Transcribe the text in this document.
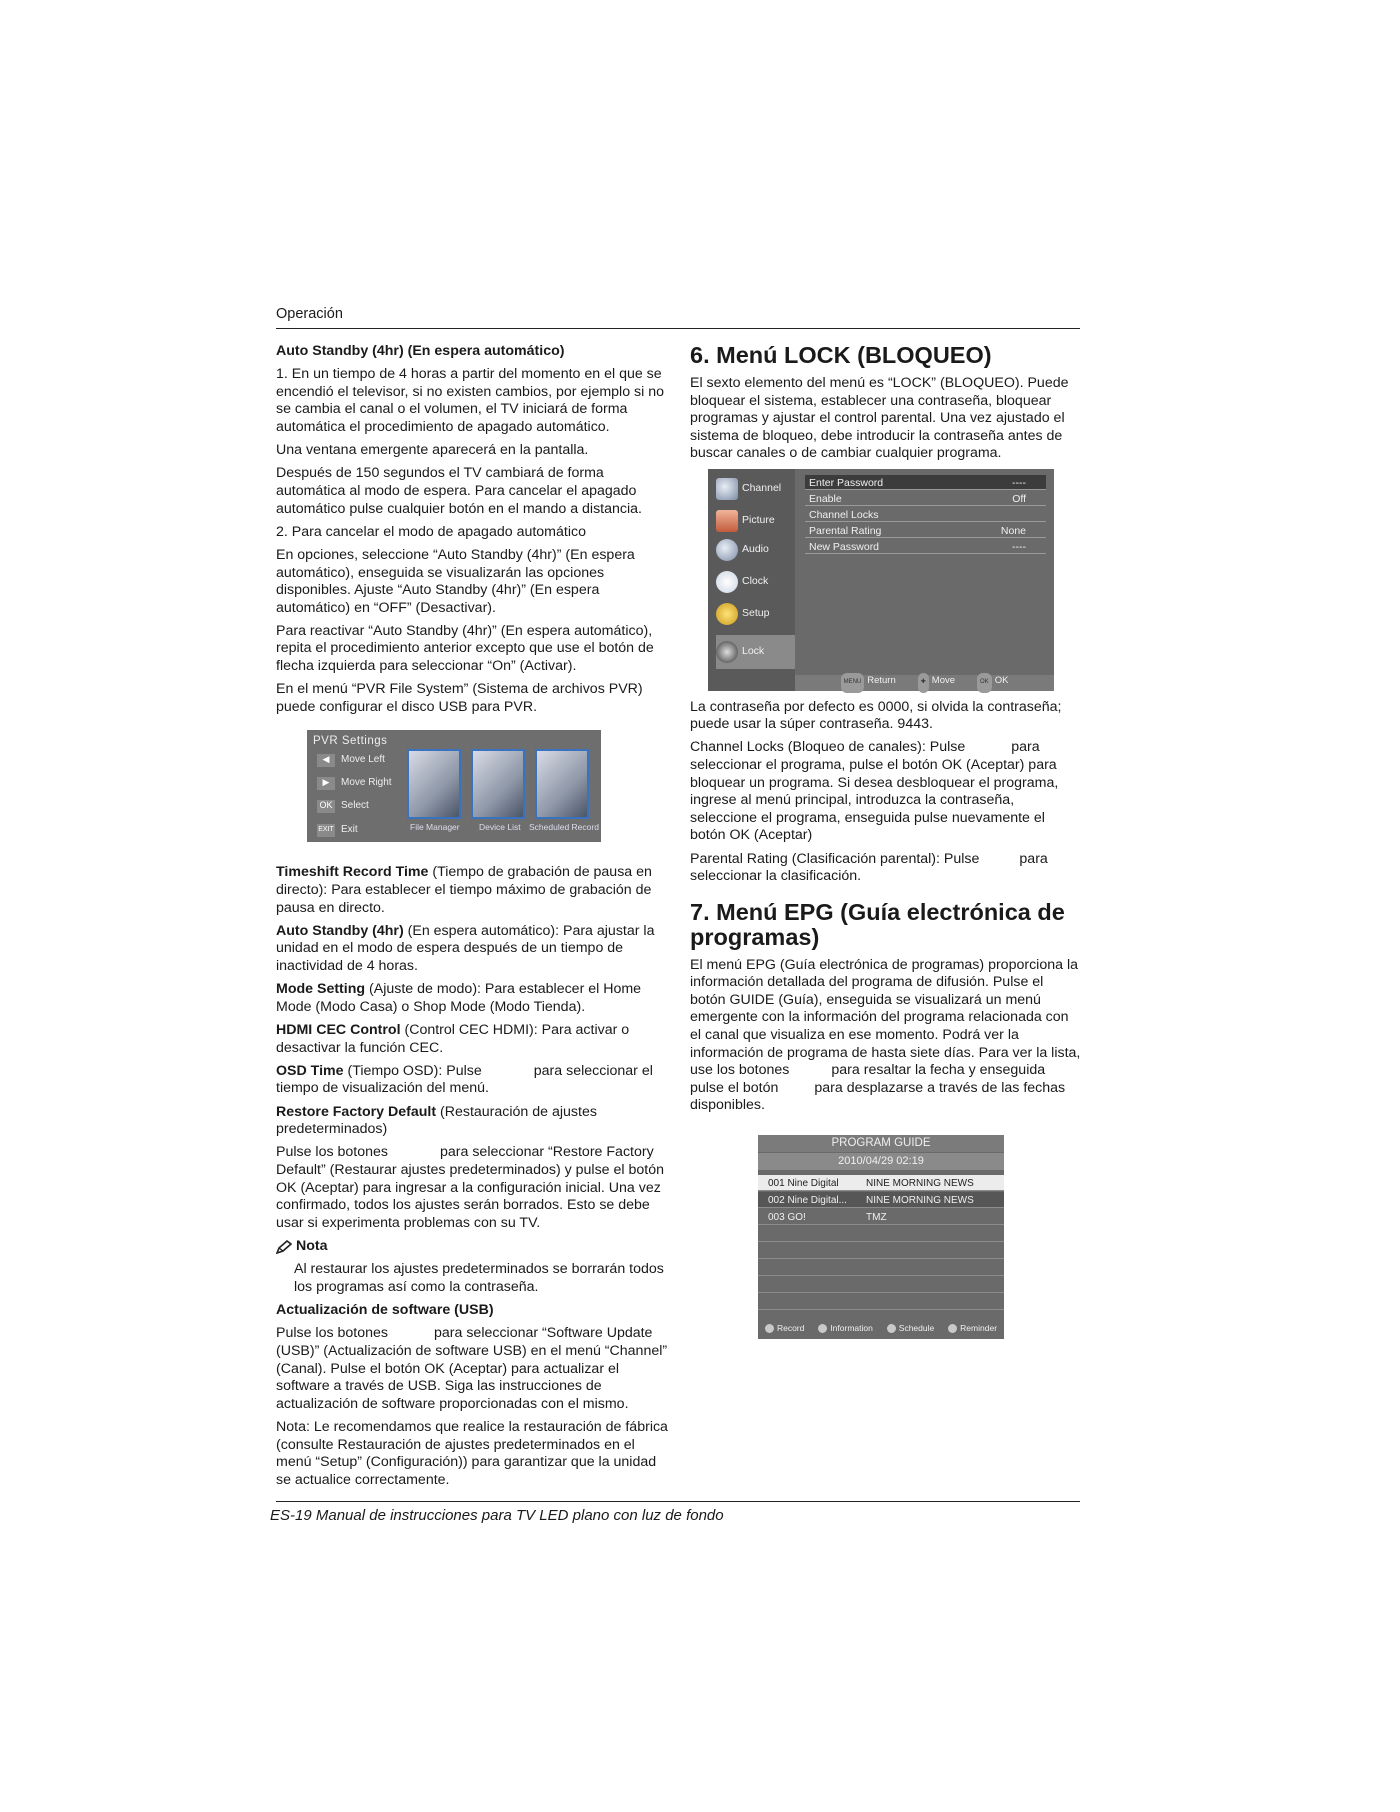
Operación

Auto Standby (4hr) (En espera automático)

1. En un tiempo de 4 horas a partir del momento en el que se encendió el televisor, si no existen cambios, por ejemplo si no se cambia el canal o el volumen, el TV iniciará de forma automática el procedimiento de apagado automático.

Una ventana emergente aparecerá en la pantalla.

Después de 150 segundos el TV cambiará de forma automática al modo de espera. Para cancelar el apagado automático pulse cualquier botón en el mando a distancia.

2. Para cancelar el modo de apagado automático

En opciones, seleccione “Auto Standby (4hr)” (En espera automático), enseguida se visualizarán las opciones disponibles. Ajuste “Auto Standby (4hr)” (En espera automático) en “OFF” (Desactivar).

Para reactivar “Auto Standby (4hr)” (En espera automático), repita el procedimiento anterior excepto que use el botón de flecha izquierda para seleccionar “On” (Activar).

En el menú “PVR File System” (Sistema de archivos PVR) puede configurar el disco USB para PVR.

PVR Settings
◀	Move Left
▶	Move Right
OK Select
EXIT Exit	File Manager Device List Scheduled Record

Timeshift Record Time (Tiempo de grabación de pausa en directo): Para establecer el tiempo máximo de grabación de pausa en directo.

Auto Standby (4hr) (En espera automático): Para ajustar la unidad en el modo de espera después de un tiempo de inactividad de 4 horas.

Mode Setting (Ajuste de modo): Para establecer el Home Mode (Modo Casa) o Shop Mode (Modo Tienda).

HDMI CEC Control (Control CEC HDMI): Para activar o desactivar la función CEC.

OSD Time (Tiempo OSD): Pulse	para seleccionar el tiempo de visualización del menú.

Restore Factory Default (Restauración de ajustes predeterminados)

Pulse los botones	para seleccionar “Restore Factory Default” (Restaurar ajustes predeterminados) y pulse el botón OK (Aceptar) para ingresar a la configuración inicial. Una vez confirmado, todos los ajustes serán borrados. Esto se debe usar si experimenta problemas con su TV.

Nota

Al restaurar los ajustes predeterminados se borrarán todos los programas así como la contraseña.

Actualización de software (USB)

Pulse los botones	para seleccionar “Software Update (USB)” (Actualización de software USB) en el menú “Channel” (Canal). Pulse el botón OK (Aceptar) para actualizar el software a través de USB. Siga las instrucciones de actualización de software proporcionadas con el mismo.

Nota: Le recomendamos que realice la restauración de fábrica (consulte Restauración de ajustes predeterminados en el menú “Setup” (Configuración)) para garantizar que la unidad se actualice correctamente.

6. Menú LOCK (BLOQUEO)

El sexto elemento del menú es “LOCK” (BLOQUEO). Puede bloquear el sistema, establecer una contraseña, bloquear programas y ajustar el control parental. Una vez ajustado el sistema de bloqueo, debe introducir la contraseña antes de buscar canales o de cambiar cualquier programa.

Channel
Picture
Audio
Clock
Setup
Lock
Enter Password	----
Enable	Off
Channel Locks
Parental Rating	None
New Password	----
MENU Return	✚ Move	OK OK

La contraseña por defecto es 0000, si olvida la contraseña; puede usar la súper contraseña. 9443.

Channel Locks (Bloqueo de canales): Pulse	para seleccionar el programa, pulse el botón OK (Aceptar) para bloquear un programa. Si desea desbloquear el programa, ingrese al menú principal, introduzca la contraseña, seleccione el programa, enseguida pulse nuevamente el botón OK (Aceptar)

Parental Rating (Clasificación parental): Pulse	para seleccionar la clasificación.

7. Menú EPG (Guía electrónica de programas)

El menú EPG (Guía electrónica de programas) proporciona la información detallada del programa de difusión. Pulse el botón GUIDE (Guía), enseguida se visualizará un menú emergente con la información del programa relacionada con el canal que visualiza en ese momento. Podrá ver la información de programa de hasta siete días. Para ver la lista, use los botones	para resaltar la fecha y enseguida pulse el botón	para desplazarse a través de las fechas disponibles.

PROGRAM GUIDE
2010/04/29 02:19
001 Nine Digital	NINE MORNING NEWS
002 Nine Digital...	NINE MORNING NEWS
003 GO!	TMZ
Record	Information	Schedule	Reminder
ES-19 Manual de instrucciones para TV LED plano con luz de fondo
